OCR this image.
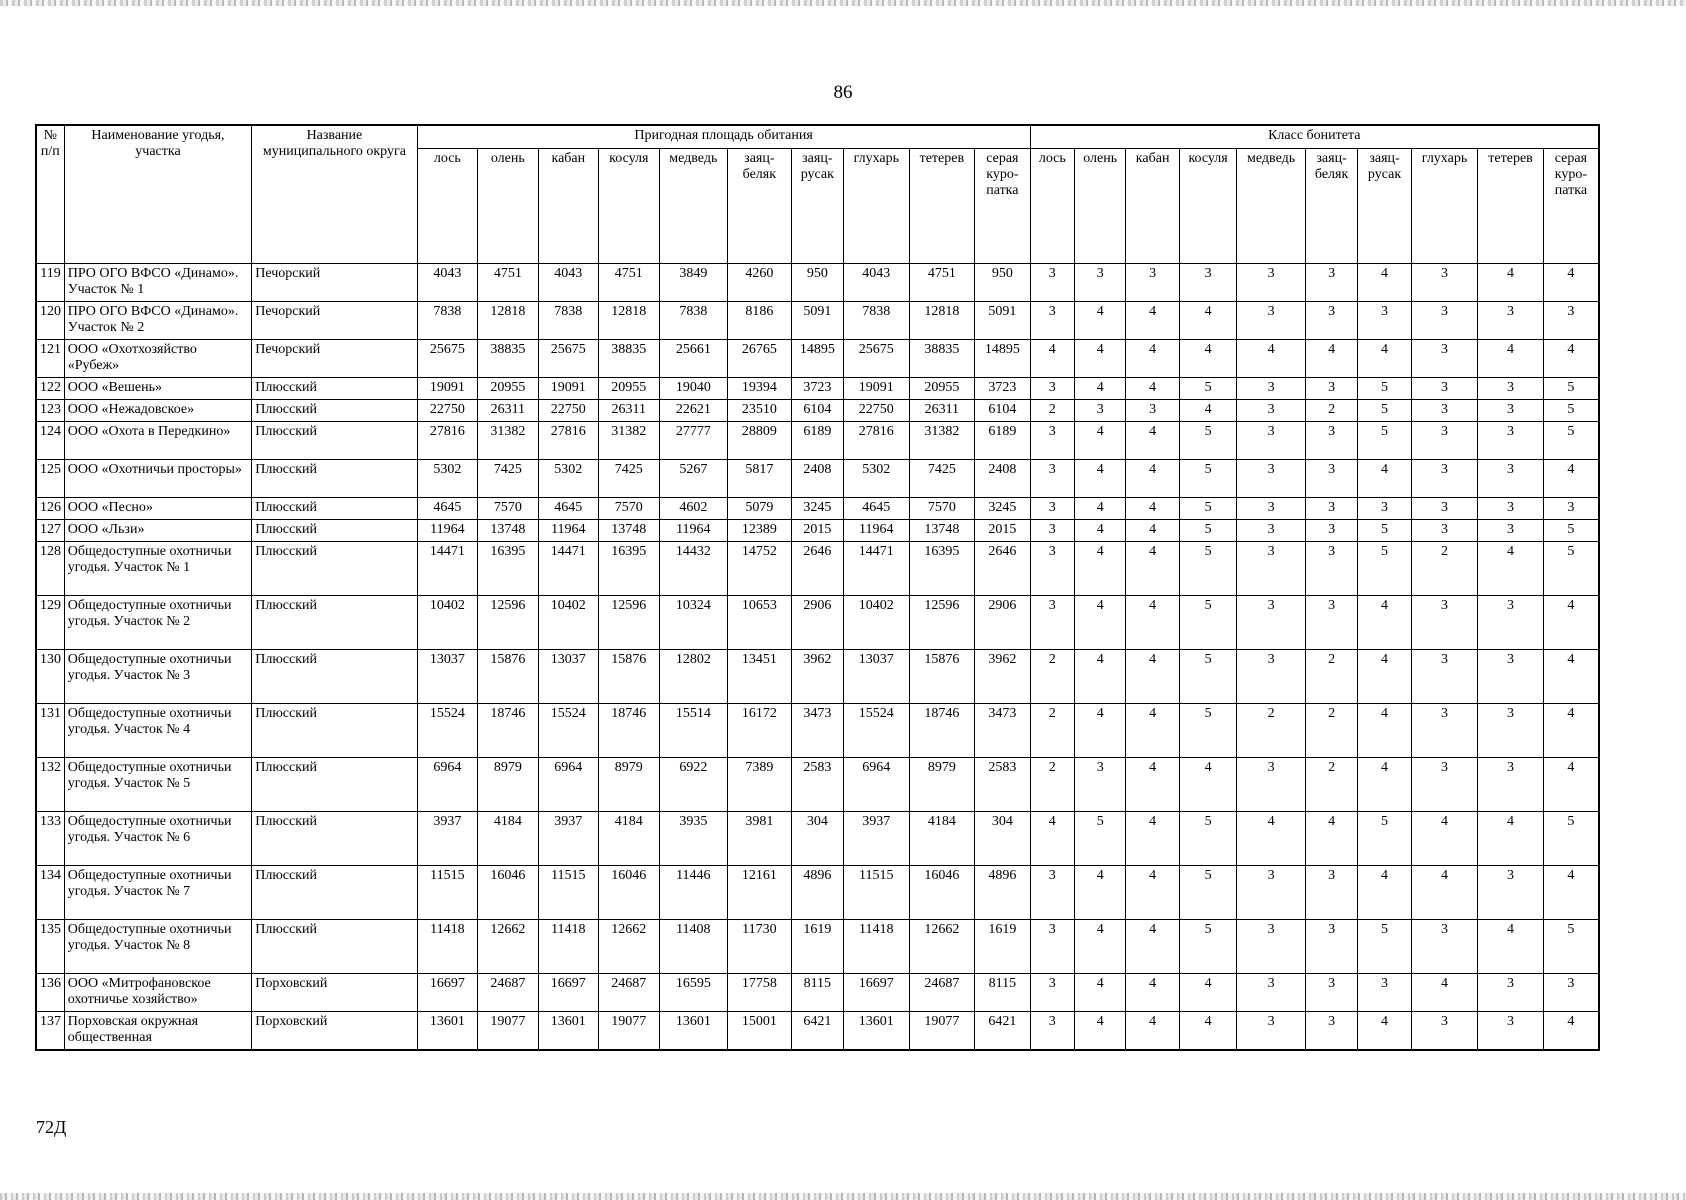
86
№ п/п	Наименование угодья, участка	Название муниципального округа	Пригодная площадь обитания										Класс бонитета									
			лось	олень	кабан	косуля	медведь	заяц-беляк	заяц-русак	глухарь	тетерев	серая куро-патка	лось	олень	кабан	косуля	медведь	заяц-беляк	заяц-русак	глухарь	тетерев	серая куро-патка
119	ПРО ОГО ВФСО «Динамо». Участок № 1	Печорский	4043	4751	4043	4751	3849	4260	950	4043	4751	950	3	3	3	3	3	3	4	3	4	4
120	ПРО ОГО ВФСО «Динамо». Участок № 2	Печорский	7838	12818	7838	12818	7838	8186	5091	7838	12818	5091	3	4	4	4	3	3	3	3	3	3
121	ООО «Охотхозяйство «Рубеж»	Печорский	25675	38835	25675	38835	25661	26765	14895	25675	38835	14895	4	4	4	4	4	4	4	3	4	4
122	ООО «Вешень»	Плюсский	19091	20955	19091	20955	19040	19394	3723	19091	20955	3723	3	4	4	5	3	3	5	3	3	5
123	ООО «Нежадовское»	Плюсский	22750	26311	22750	26311	22621	23510	6104	22750	26311	6104	2	3	3	4	3	2	5	3	3	5
124	ООО «Охота в Передкино»	Плюсский	27816	31382	27816	31382	27777	28809	6189	27816	31382	6189	3	4	4	5	3	3	5	3	3	5
125	ООО «Охотничьи просторы»	Плюсский	5302	7425	5302	7425	5267	5817	2408	5302	7425	2408	3	4	4	5	3	3	4	3	3	4
126	ООО «Песно»	Плюсский	4645	7570	4645	7570	4602	5079	3245	4645	7570	3245	3	4	4	5	3	3	3	3	3	3
127	ООО «Льзи»	Плюсский	11964	13748	11964	13748	11964	12389	2015	11964	13748	2015	3	4	4	5	3	3	5	3	3	5
128	Общедоступные охотничьи угодья. Участок № 1	Плюсский	14471	16395	14471	16395	14432	14752	2646	14471	16395	2646	3	4	4	5	3	3	5	2	4	5
129	Общедоступные охотничьи угодья. Участок № 2	Плюсский	10402	12596	10402	12596	10324	10653	2906	10402	12596	2906	3	4	4	5	3	3	4	3	3	4
130	Общедоступные охотничьи угодья. Участок № 3	Плюсский	13037	15876	13037	15876	12802	13451	3962	13037	15876	3962	2	4	4	5	3	2	4	3	3	4
131	Общедоступные охотничьи угодья. Участок № 4	Плюсский	15524	18746	15524	18746	15514	16172	3473	15524	18746	3473	2	4	4	5	2	2	4	3	3	4
132	Общедоступные охотничьи угодья. Участок № 5	Плюсский	6964	8979	6964	8979	6922	7389	2583	6964	8979	2583	2	3	4	4	3	2	4	3	3	4
133	Общедоступные охотничьи угодья. Участок № 6	Плюсский	3937	4184	3937	4184	3935	3981	304	3937	4184	304	4	5	4	5	4	4	5	4	4	5
134	Общедоступные охотничьи угодья. Участок № 7	Плюсский	11515	16046	11515	16046	11446	12161	4896	11515	16046	4896	3	4	4	5	3	3	4	4	3	4
135	Общедоступные охотничьи угодья. Участок № 8	Плюсский	11418	12662	11418	12662	11408	11730	1619	11418	12662	1619	3	4	4	5	3	3	5	3	4	5
136	ООО «Митрофановское охотничье хозяйство»	Порховский	16697	24687	16697	24687	16595	17758	8115	16697	24687	8115	3	4	4	4	3	3	3	4	3	3
137	Порховская окружная общественная	Порховский	13601	19077	13601	19077	13601	15001	6421	13601	19077	6421	3	4	4	4	3	3	4	3	3	4
72Д
